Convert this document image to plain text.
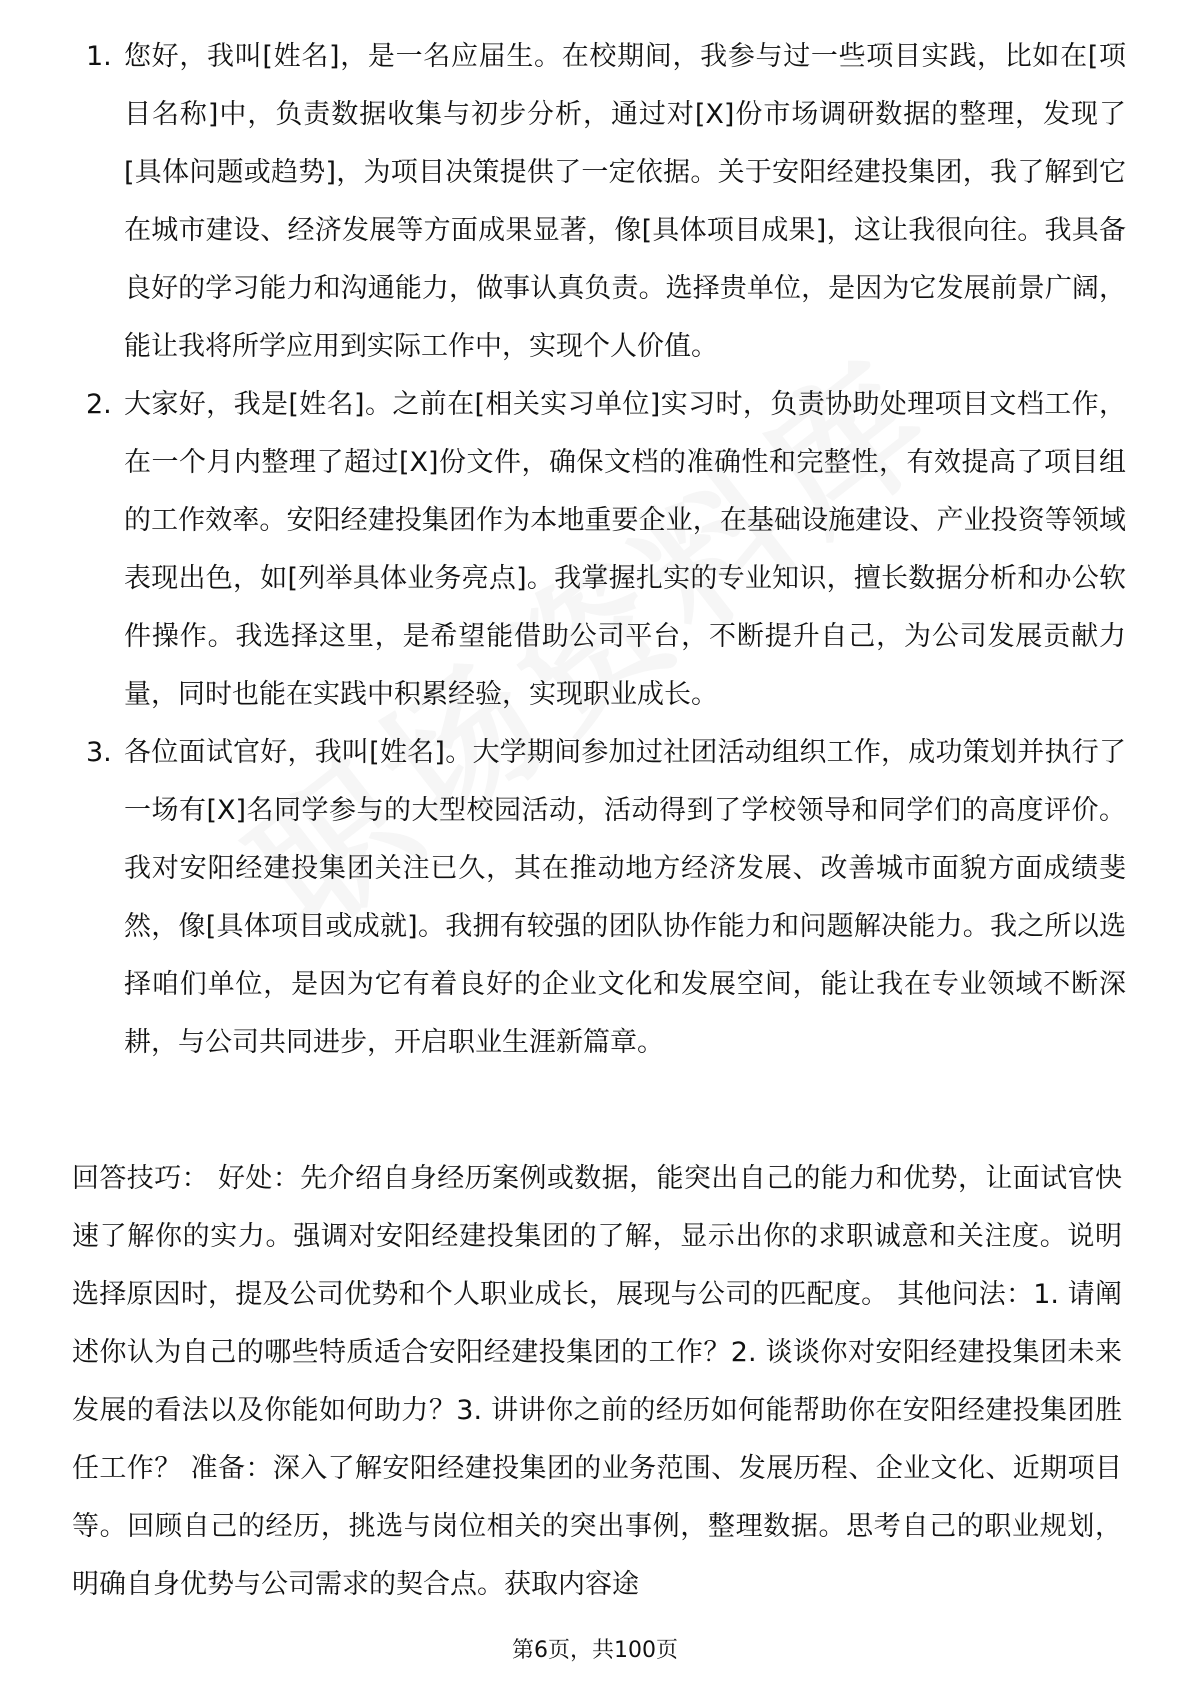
1. 您好，我叫[姓名]，是一名应届生。在校期间，我参与过一些项目实践，比如在[项目名称]中，负责数据收集与初步分析，通过对[X]份市场调研数据的整理，发现了[具体问题或趋势]，为项目决策提供了一定依据。关于安阳经建投集团，我了解到它在城市建设、经济发展等方面成果显著，像[具体项目成果]，这让我很向往。我具备良好的学习能力和沟通能力，做事认真负责。选择贵单位，是因为它发展前景广阔，能让我将所学应用到实际工作中，实现个人价值。
2. 大家好，我是[姓名]。之前在[相关实习单位]实习时，负责协助处理项目文档工作，在一个月内整理了超过[X]份文件，确保文档的准确性和完整性，有效提高了项目组的工作效率。安阳经建投集团作为本地重要企业，在基础设施建设、产业投资等领域表现出色，如[列举具体业务亮点]。我掌握扎实的专业知识，擅长数据分析和办公软件操作。我选择这里，是希望能借助公司平台，不断提升自己，为公司发展贡献力量，同时也能在实践中积累经验，实现职业成长。
3. 各位面试官好，我叫[姓名]。大学期间参加过社团活动组织工作，成功策划并执行了一场有[X]名同学参与的大型校园活动，活动得到了学校领导和同学们的高度评价。我对安阳经建投集团关注已久，其在推动地方经济发展、改善城市面貌方面成绩斐然，像[具体项目或成就]。我拥有较强的团队协作能力和问题解决能力。我之所以选择咱们单位，是因为它有着良好的企业文化和发展空间，能让我在专业领域不断深耕，与公司共同进步，开启职业生涯新篇章。
回答技巧： 好处：先介绍自身经历案例或数据，能突出自己的能力和优势，让面试官快速了解你的实力。强调对安阳经建投集团的了解，显示出你的求职诚意和关注度。说明选择原因时，提及公司优势和个人职业成长，展现与公司的匹配度。 其他问法：1. 请阐述你认为自己的哪些特质适合安阳经建投集团的工作？2. 谈谈你对安阳经建投集团未来发展的看法以及你能如何助力？3. 讲讲你之前的经历如何能帮助你在安阳经建投集团胜任工作？ 准备：深入了解安阳经建投集团的业务范围、发展历程、企业文化、近期项目等。回顾自己的经历，挑选与岗位相关的突出事例，整理数据。思考自己的职业规划，明确自身优势与公司需求的契合点。获取内容途
第6页，共100页
